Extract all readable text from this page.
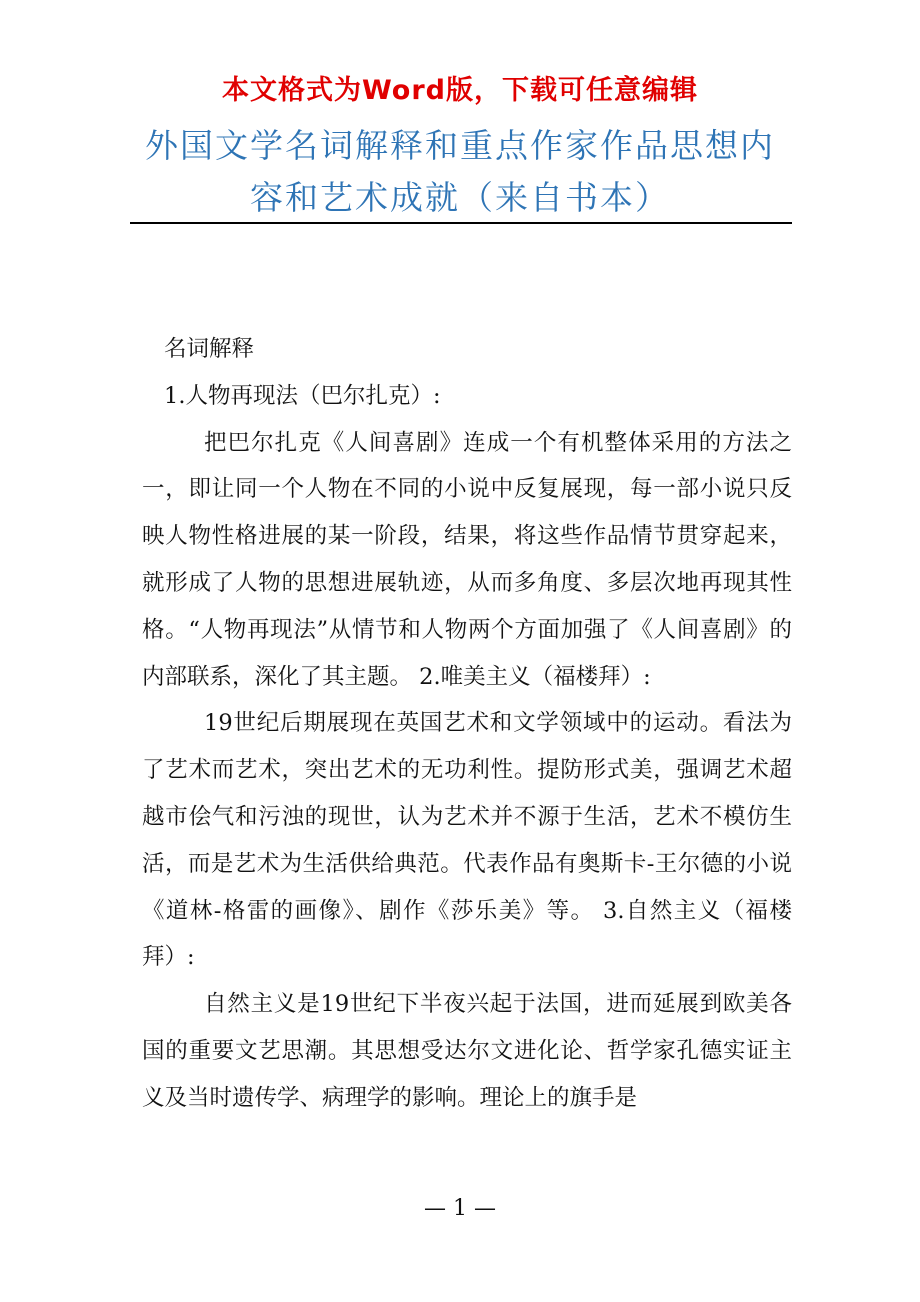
本文格式为Word版，下载可任意编辑
外国文学名词解释和重点作家作品思想内
容和艺术成就（来自书本）

名词解释

1.人物再现法（巴尔扎克）:

把巴尔扎克《人间喜剧》连成一个有机整体采用的方法之一，即让同一个人物在不同的小说中反复展现，每一部小说只反映人物性格进展的某一阶段，结果，将这些作品情节贯穿起来，就形成了人物的思想进展轨迹，从而多角度、多层次地再现其性格。“人物再现法”从情节和人物两个方面加强了《人间喜剧》的内部联系，深化了其主题。 2.唯美主义（福楼拜）:

19世纪后期展现在英国艺术和文学领域中的运动。看法为了艺术而艺术，突出艺术的无功利性。提防形式美，强调艺术超越市侩气和污浊的现世，认为艺术并不源于生活，艺术不模仿生活，而是艺术为生活供给典范。代表作品有奥斯卡-王尔德的小说《道林-格雷的画像》、剧作《莎乐美》等。 3.自然主义（福楼拜）:

自然主义是19世纪下半夜兴起于法国，进而延展到欧美各国的重要文艺思潮。其思想受达尔文进化论、哲学家孔德实证主义及当时遗传学、病理学的影响。理论上的旗手是

— 1 —
